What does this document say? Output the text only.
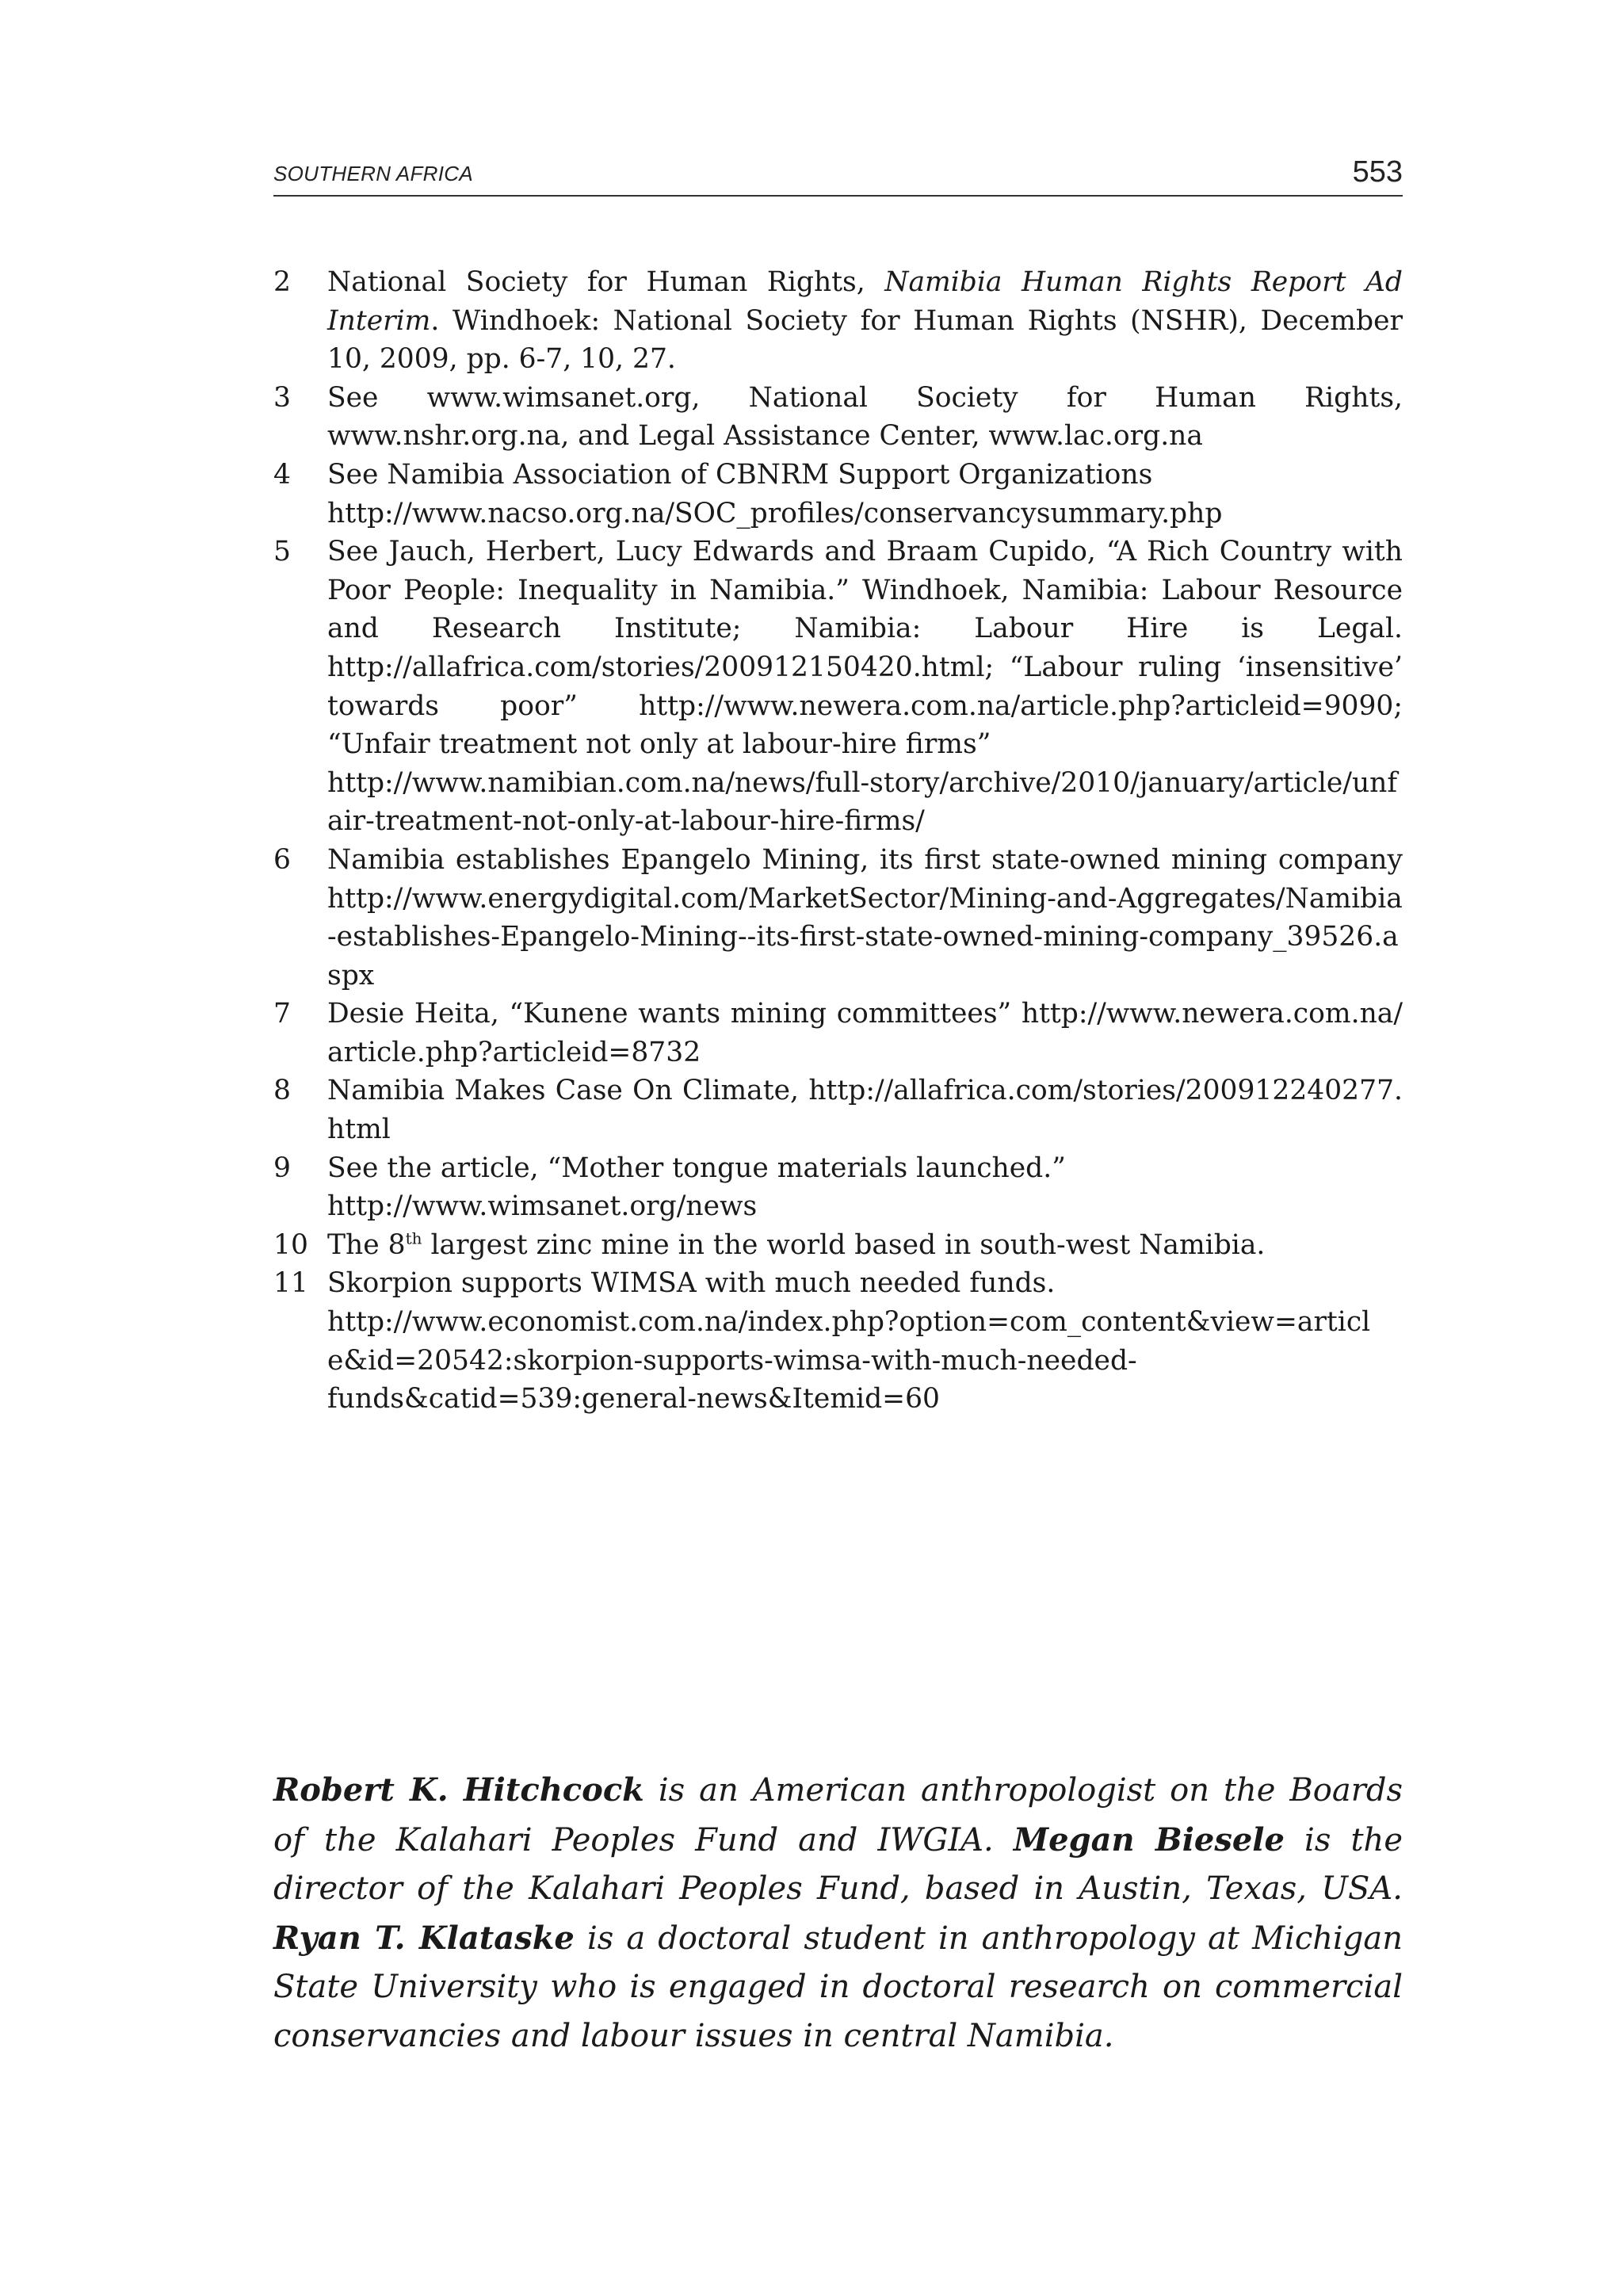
SOUTHERN AFRICA	553
2	National Society for Human Rights, Namibia Human Rights Report Ad Interim. Windhoek: National Society for Human Rights (NSHR), December 10, 2009, pp. 6-7, 10, 27.
3	See www.wimsanet.org, National Society for Human Rights, www.nshr.org.na, and Legal Assistance Center, www.lac.org.na
4	See Namibia Association of CBNRM Support Organizations
http://www.nacso.org.na/SOC_profiles/conservancysummary.php
5	See Jauch, Herbert, Lucy Edwards and Braam Cupido, “A Rich Country with Poor People: Inequality in Namibia.” Windhoek, Namibia: Labour Resource and Research Institute; Namibia: Labour Hire is Legal. http://allafrica.com/stories/200912150420.html; “Labour ruling ‘insensitive’ towards poor” http://www.newera.com.na/article.php?articleid=9090; “Unfair treatment not only at labour-hire firms”
http://www.namibian.com.na/news/full-story/archive/2010/january/article/unfair-treatment-not-only-at-labour-hire-firms/
6	Namibia establishes Epangelo Mining, its first state-owned mining company http://www.energydigital.com/MarketSector/Mining-and-Aggregates/Namibia-establishes-Epangelo-Mining--its-first-state-owned-mining-company_39526.aspx
7	Desie Heita, “Kunene wants mining committees” http://www.newera.com.na/article.php?articleid=8732
8	Namibia Makes Case On Climate, http://allafrica.com/stories/200912240277.html
9	See the article, “Mother tongue materials launched.”
http://www.wimsanet.org/news
10 The 8th largest zinc mine in the world based in south-west Namibia.
11 Skorpion supports WIMSA with much needed funds.
http://www.economist.com.na/index.php?option=com_content&view=articl
e&id=20542:skorpion-supports-wimsa-with-much-needed-
funds&catid=539:general-news&Itemid=60

Robert K. Hitchcock is an American anthropologist on the Boards of the Kalahari Peoples Fund and IWGIA. Megan Biesele is the director of the Kalahari Peoples Fund, based in Austin, Texas, USA. Ryan T. Klataske is a doctoral student in anthropology at Michigan State University who is engaged in doctoral research on commercial conservancies and labour issues in central Namibia.
